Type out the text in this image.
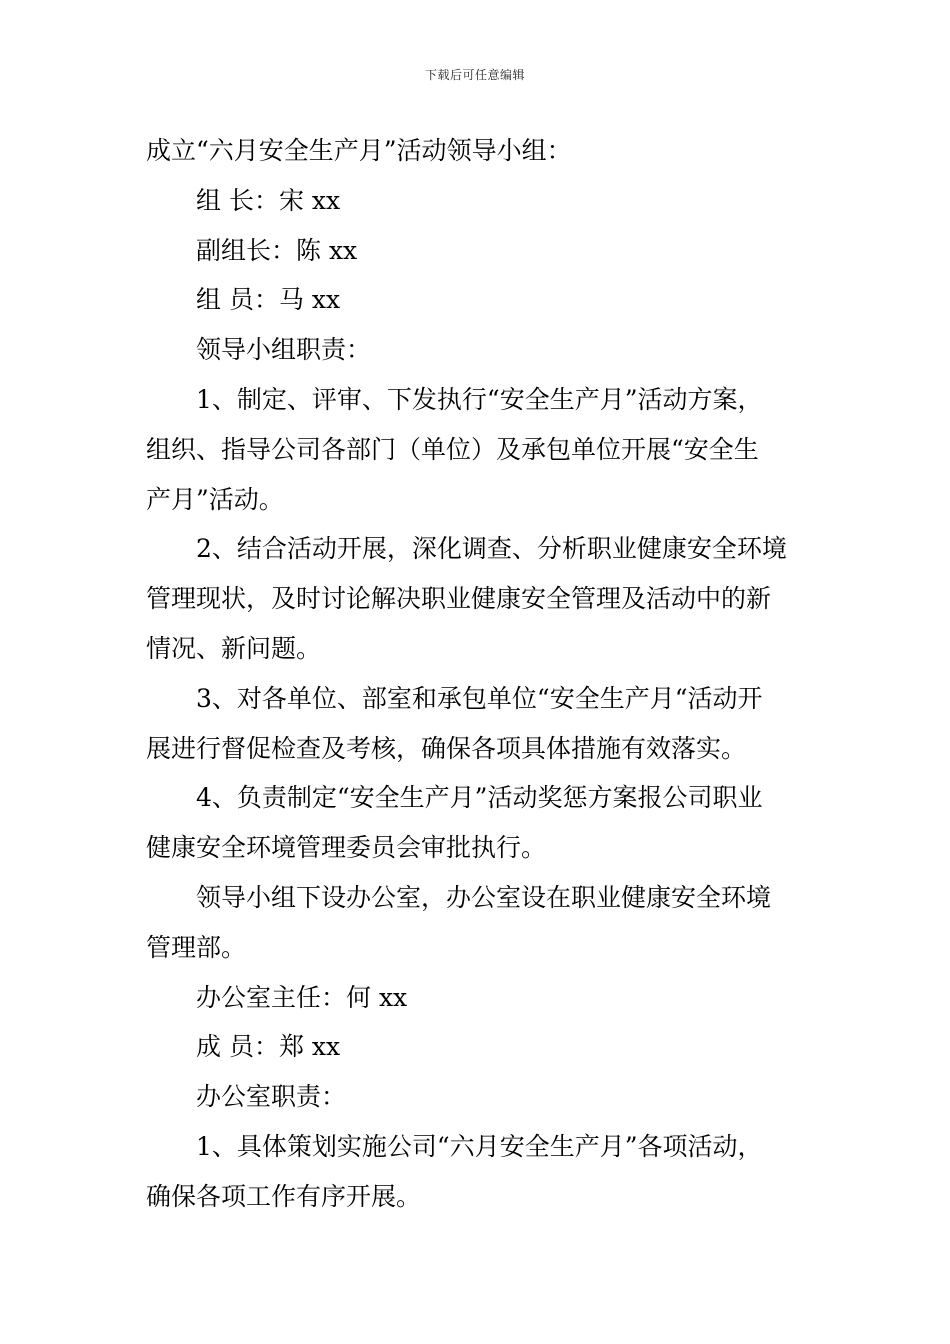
下载后可任意编辑
成立“六月安全生产月”活动领导小组：
组 长：宋 xx
副组长：陈 xx
组 员：马 xx
领导小组职责：
1、制定、评审、下发执行“安全生产月”活动方案，
组织、指导公司各部门（单位）及承包单位开展“安全生
产月”活动。
2、结合活动开展，深化调查、分析职业健康安全环境
管理现状，及时讨论解决职业健康安全管理及活动中的新
情况、新问题。
3、对各单位、部室和承包单位“安全生产月“活动开
展进行督促检查及考核，确保各项具体措施有效落实。
4、负责制定“安全生产月”活动奖惩方案报公司职业
健康安全环境管理委员会审批执行。
领导小组下设办公室，办公室设在职业健康安全环境
管理部。
办公室主任：何 xx
成 员：郑 xx
办公室职责：
1、具体策划实施公司“六月安全生产月”各项活动，
确保各项工作有序开展。
